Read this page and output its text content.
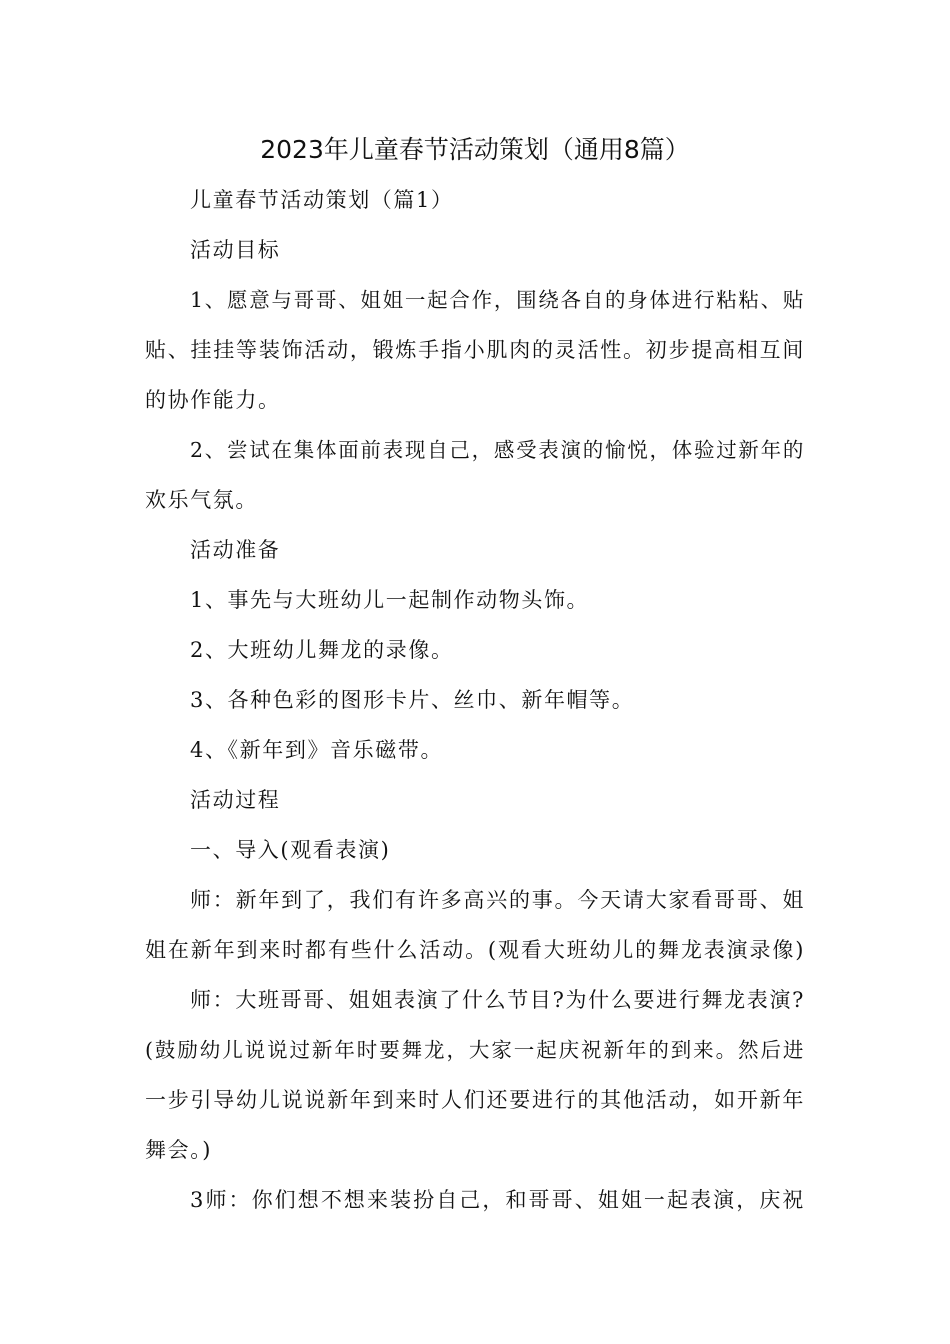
2023年儿童春节活动策划（通用8篇）
儿童春节活动策划（篇1）
活动目标
1、愿意与哥哥、姐姐一起合作，围绕各自的身体进行粘粘、贴
贴、挂挂等装饰活动，锻炼手指小肌肉的灵活性。初步提高相互间
的协作能力。
2、尝试在集体面前表现自己，感受表演的愉悦，体验过新年的
欢乐气氛。
活动准备
1、事先与大班幼儿一起制作动物头饰。
2、大班幼儿舞龙的录像。
3、各种色彩的图形卡片、丝巾、新年帽等。
4、《新年到》音乐磁带。
活动过程
一、导入(观看表演)
师：新年到了，我们有许多高兴的事。今天请大家看哥哥、姐
姐在新年到来时都有些什么活动。(观看大班幼儿的舞龙表演录像)
师：大班哥哥、姐姐表演了什么节目?为什么要进行舞龙表演?
(鼓励幼儿说说过新年时要舞龙，大家一起庆祝新年的到来。然后进
一步引导幼儿说说新年到来时人们还要进行的其他活动，如开新年
舞会。)
3师：你们想不想来装扮自己，和哥哥、姐姐一起表演，庆祝
